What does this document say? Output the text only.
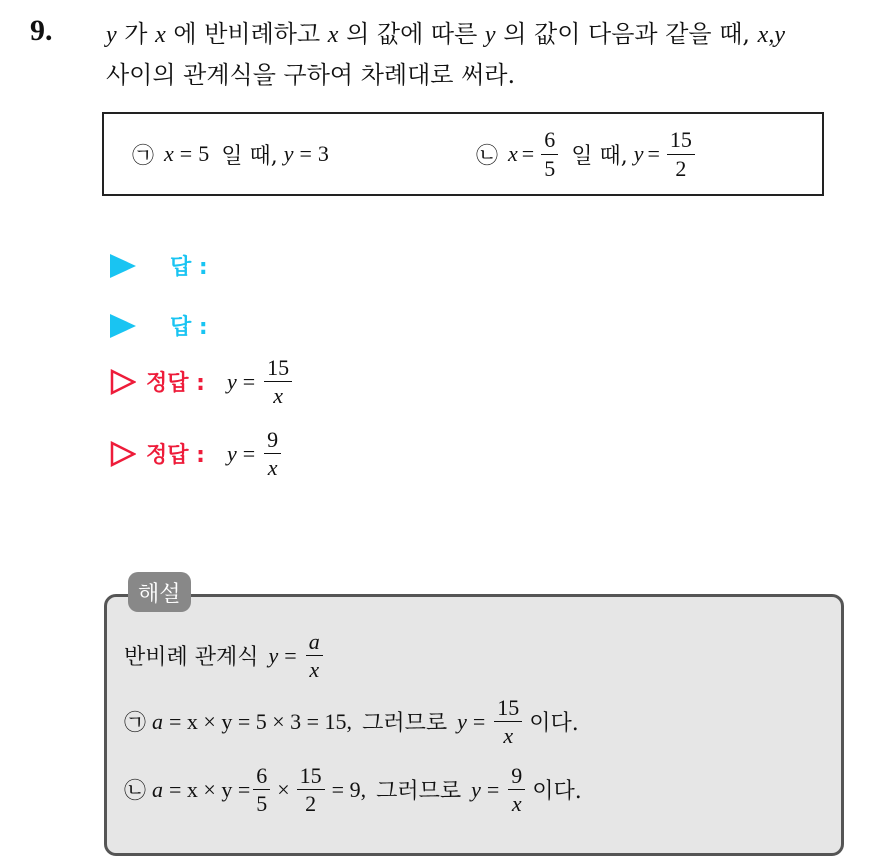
9. y 가 x 에 반비례하고 x 의 값에 따른 y 의 값이 다음과 같을 때, x,y
사이의 관계식을 구하여 차례대로 써라.
㉠ x = 5 일 때, y = 3	㉡ $x = \frac{6}{5}$ 일 때, $y = \frac{15}{2}$
답 :
답 :
정답 : $y = \frac{15}{x}$
정답 : $y = \frac{9}{x}$
해설
반비례 관계식 $y = \frac{a}{x}$
㉠ a = x × y = 5 × 3 = 15, 그러므로 $y = \frac{15}{x}$ 이다.
㉡ $a = x \times y = \frac{6}{5} \times \frac{15}{2} = 9$, 그러므로 $y = \frac{9}{x}$ 이다.
